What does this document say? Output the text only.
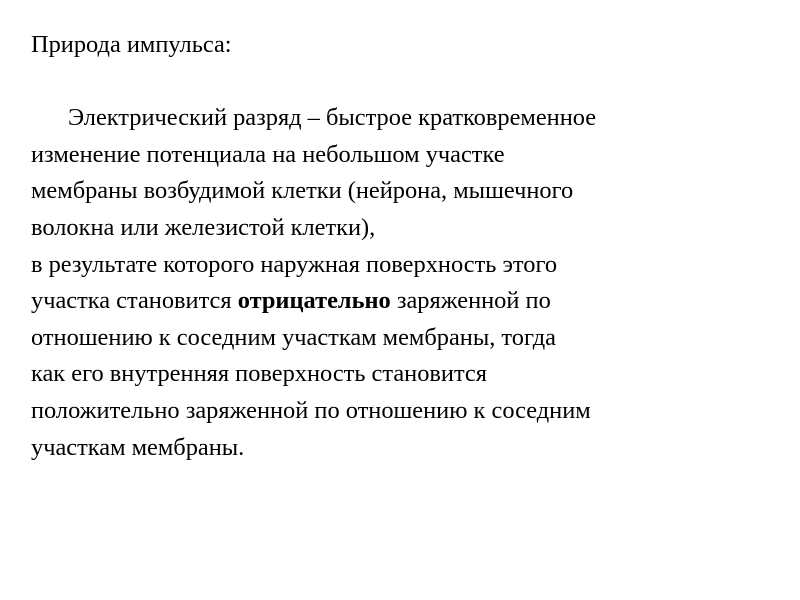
Природа импульса:

Электрический разряд – быстрое кратковременное
изменение потенциала на небольшом участке
мембраны возбудимой клетки (нейрона, мышечного
волокна или железистой клетки),
в результате которого наружная поверхность этого
участка становится отрицательно заряженной по
отношению к соседним участкам мембраны, тогда
как его внутренняя поверхность становится
положительно заряженной по отношению к соседним
участкам мембраны.
